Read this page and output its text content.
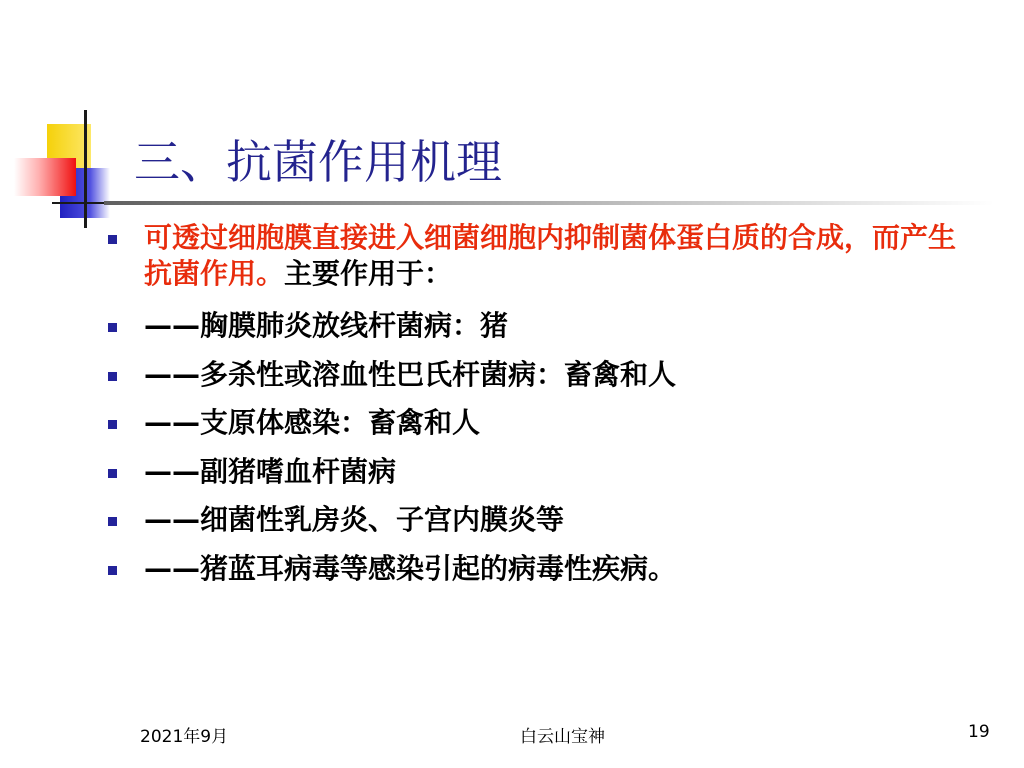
三、抗菌作用机理
可透过细胞膜直接进入细菌细胞内抑制菌体蛋白质的合成，而产生抗菌作用。主要作用于：
——胸膜肺炎放线杆菌病：猪
——多杀性或溶血性巴氏杆菌病：畜禽和人
——支原体感染：畜禽和人
——副猪嗜血杆菌病
——细菌性乳房炎、子宫内膜炎等
——猪蓝耳病毒等感染引起的病毒性疾病。
2021年9月	白云山宝神	19
